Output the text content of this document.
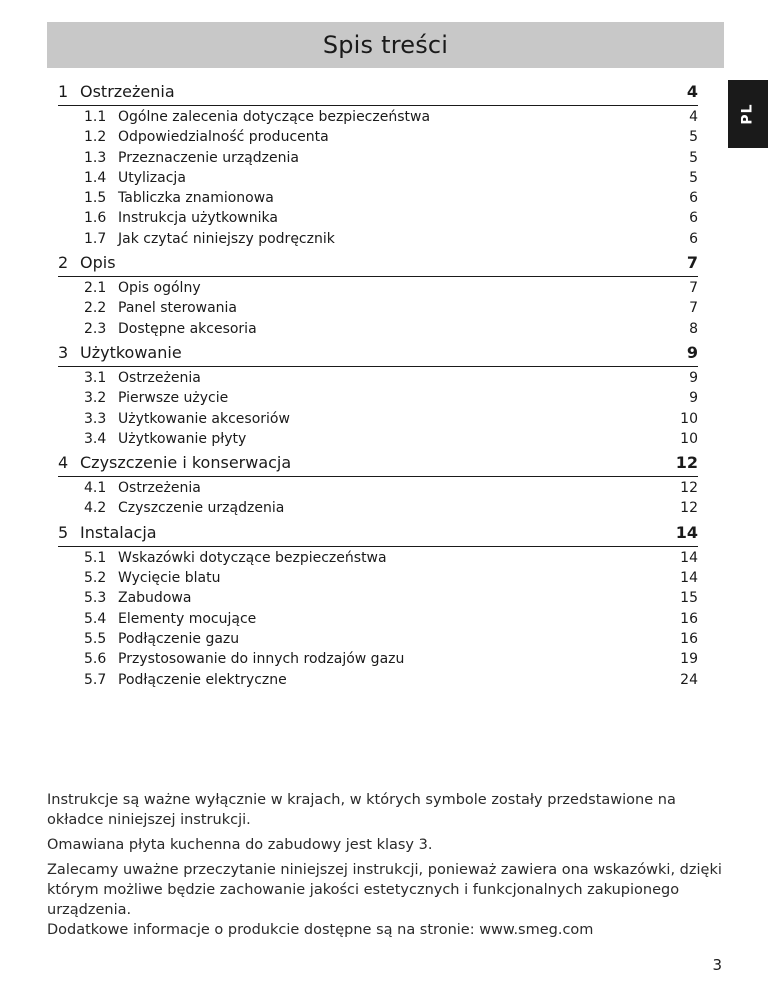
Spis treści
PL
1 Ostrzeżenia	4
1.1 Ogólne zalecenia dotyczące bezpieczeństwa	4
1.2 Odpowiedzialność producenta	5
1.3 Przeznaczenie urządzenia	5
1.4 Utylizacja	5
1.5 Tabliczka znamionowa	6
1.6 Instrukcja użytkownika	6
1.7 Jak czytać niniejszy podręcznik	6
2 Opis	7
2.1 Opis ogólny	7
2.2 Panel sterowania	7
2.3 Dostępne akcesoria	8
3 Użytkowanie	9
3.1 Ostrzeżenia	9
3.2 Pierwsze użycie	9
3.3 Użytkowanie akcesoriów	10
3.4 Użytkowanie płyty	10
4 Czyszczenie i konserwacja	12
4.1 Ostrzeżenia	12
4.2 Czyszczenie urządzenia	12
5 Instalacja	14
5.1 Wskazówki dotyczące bezpieczeństwa	14
5.2 Wycięcie blatu	14
5.3 Zabudowa	15
5.4 Elementy mocujące	16
5.5 Podłączenie gazu	16
5.6 Przystosowanie do innych rodzajów gazu	19
5.7 Podłączenie elektryczne	24

Instrukcje są ważne wyłącznie w krajach, w których symbole zostały przedstawione na okładce niniejszej instrukcji.

Omawiana płyta kuchenna do zabudowy jest klasy 3.

Zalecamy uważne przeczytanie niniejszej instrukcji, ponieważ zawiera ona wskazówki, dzięki którym możliwe będzie zachowanie jakości estetycznych i funkcjonalnych zakupionego urządzenia.

Dodatkowe informacje o produkcie dostępne są na stronie: www.smeg.com

3
